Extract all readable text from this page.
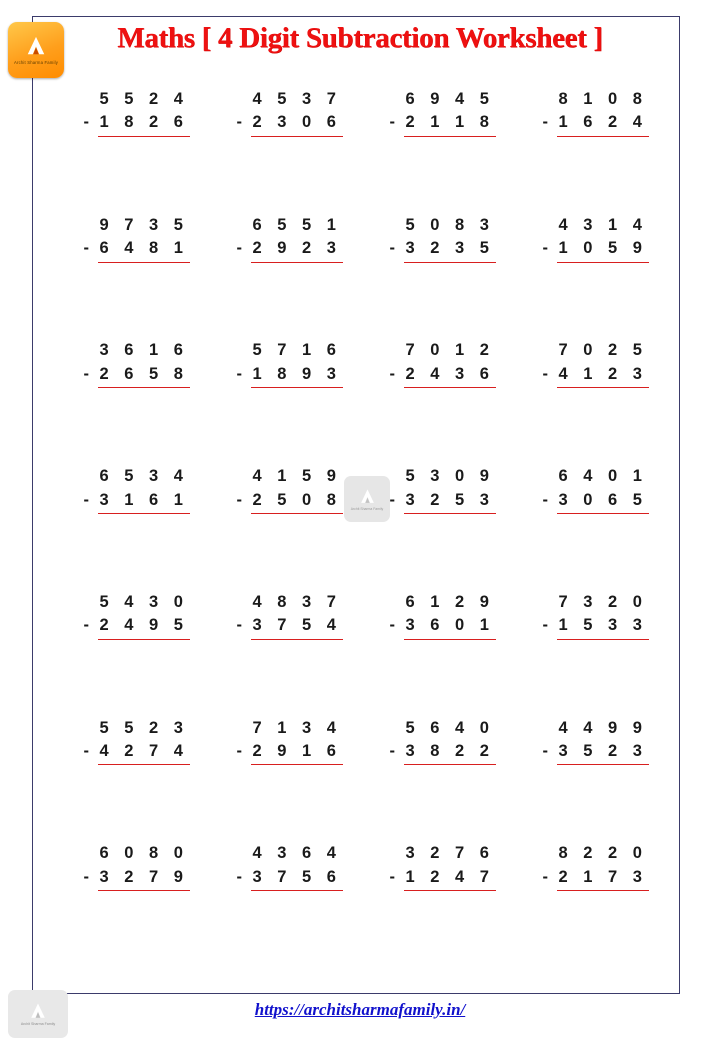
Maths [ 4 Digit Subtraction Worksheet ]
Archit Sharma Family
5 5 2 4
- 1 8 2 6
4 5 3 7
- 2 3 0 6
6 9 4 5
- 2 1 1 8
8 1 0 8
- 1 6 2 4
9 7 3 5
- 6 4 8 1
6 5 5 1
- 2 9 2 3
5 0 8 3
- 3 2 3 5
4 3 1 4
- 1 0 5 9
3 6 1 6
- 2 6 5 8
5 7 1 6
- 1 8 9 3
7 0 1 2
- 2 4 3 6
7 0 2 5
- 4 1 2 3
6 5 3 4
- 3 1 6 1
4 1 5 9
- 2 5 0 8
5 3 0 9
- 3 2 5 3
6 4 0 1
- 3 0 6 5
5 4 3 0
- 2 4 9 5
4 8 3 7
- 3 7 5 4
6 1 2 9
- 3 6 0 1
7 3 2 0
- 1 5 3 3
5 5 2 3
- 4 2 7 4
7 1 3 4
- 2 9 1 6
5 6 4 0
- 3 8 2 2
4 4 9 9
- 3 5 2 3
6 0 8 0
- 3 2 7 9
4 3 6 4
- 3 7 5 6
3 2 7 6
- 1 2 4 7
8 2 2 0
- 2 1 7 3
Archit Sharma Family
Archit Sharma Family
https://architsharmafamily.in/
